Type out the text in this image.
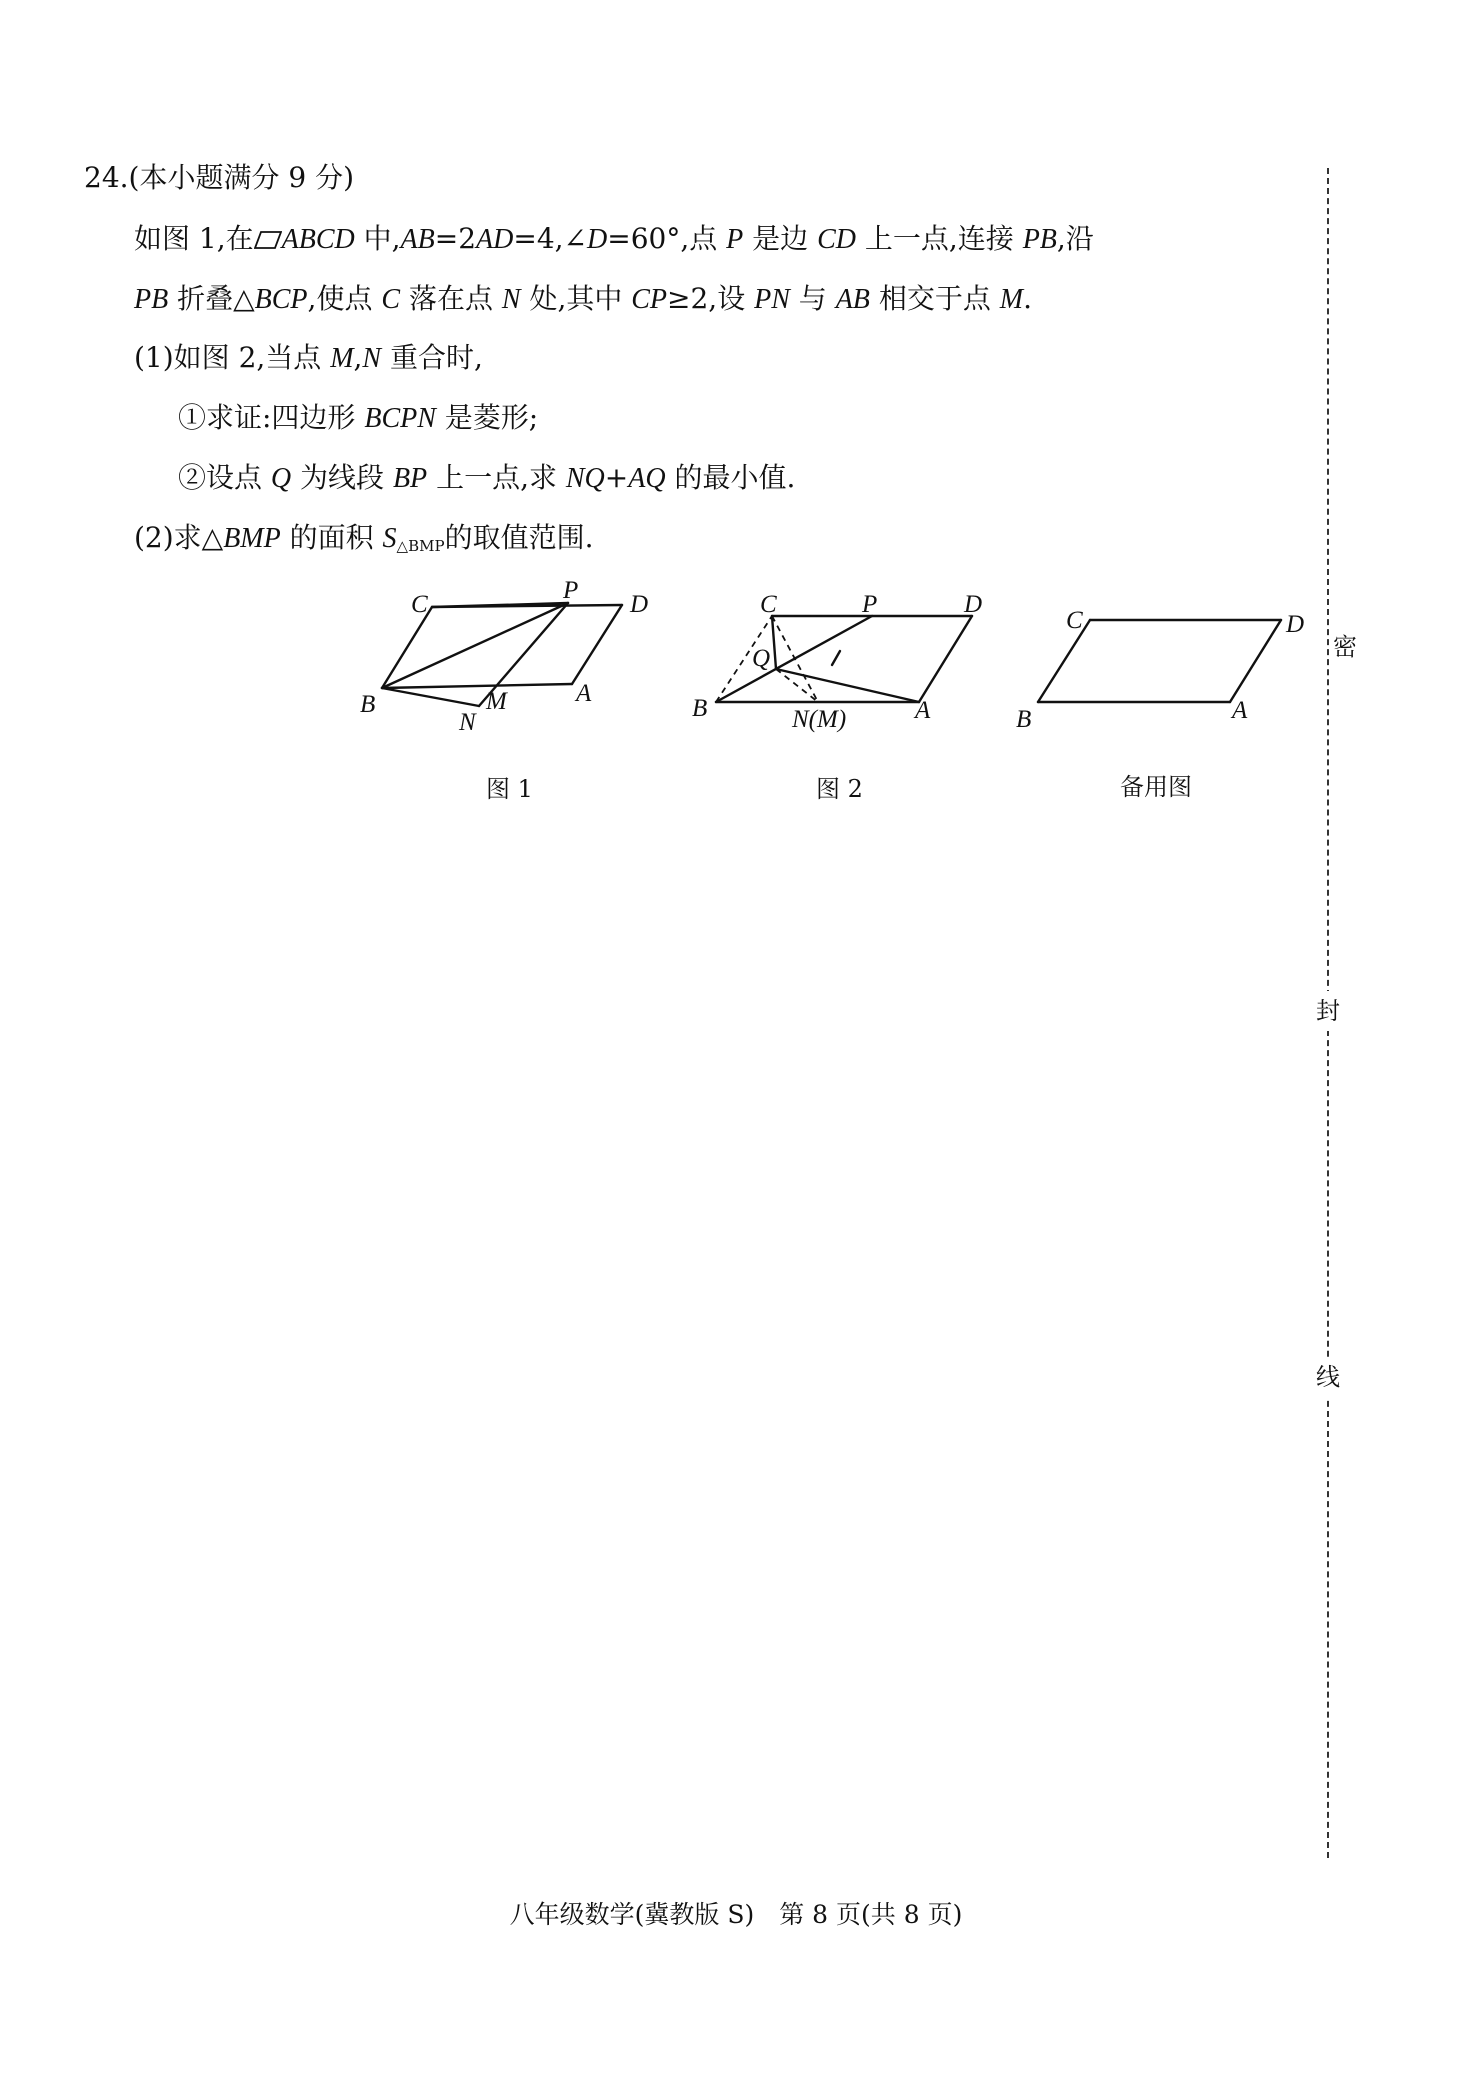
24.(本小题满分 9 分)
如图 1,在 ABCD 中,AB=2AD=4,∠D=60°,点 P 是边 CD 上一点,连接 PB,沿
PB 折叠△BCP,使点 C 落在点 N 处,其中 CP≥2,设 PN 与 AB 相交于点 M.
(1)如图 2,当点 M,N 重合时,
①求证:四边形 BCPN 是菱形;
②设点 Q 为线段 BP 上一点,求 NQ+AQ 的最小值.
(2)求△BMP 的面积 $S_{\triangle BMP}$的取值范围.
C
P
D
B	M
N
A
图 1
C	P	D
Q
B	N(M)	A
图 2
C	D
B	A
备用图
密
封
线
八年级数学(冀教版 S)　第 8 页(共 8 页)
